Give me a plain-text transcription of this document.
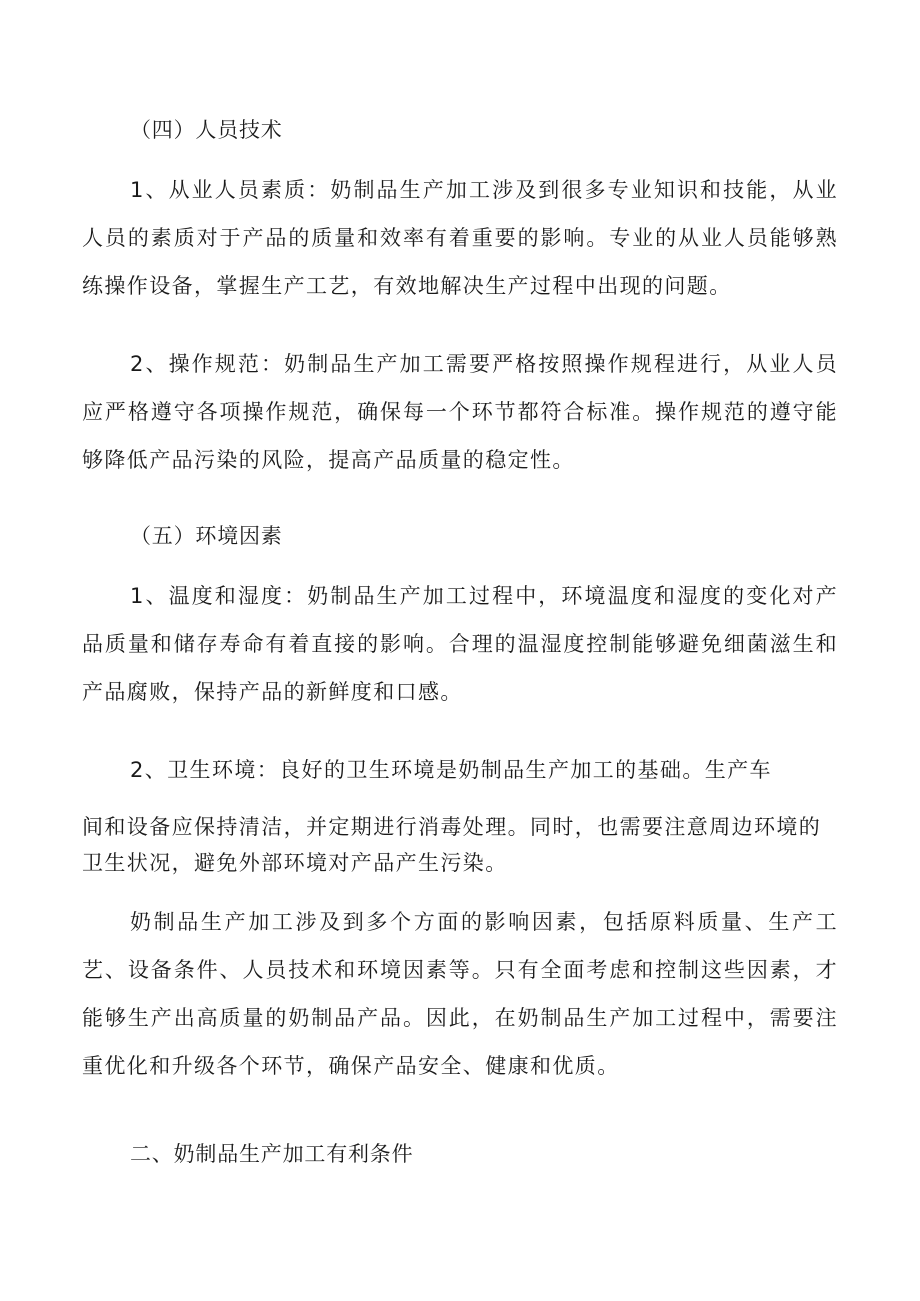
（四）人员技术

1、从业人员素质：奶制品生产加工涉及到很多专业知识和技能，从业人员的素质对于产品的质量和效率有着重要的影响。专业的从业人员能够熟练操作设备，掌握生产工艺，有效地解决生产过程中出现的问题。

2、操作规范：奶制品生产加工需要严格按照操作规程进行，从业人员应严格遵守各项操作规范，确保每一个环节都符合标准。操作规范的遵守能够降低产品污染的风险，提高产品质量的稳定性。

（五）环境因素

1、温度和湿度：奶制品生产加工过程中，环境温度和湿度的变化对产品质量和储存寿命有着直接的影响。合理的温湿度控制能够避免细菌滋生和产品腐败，保持产品的新鲜度和口感。

2、卫生环境：良好的卫生环境是奶制品生产加工的基础。生产车
间和设备应保持清洁，并定期进行消毒处理。同时，也需要注意周边环境的
卫生状况，避免外部环境对产品产生污染。

奶制品生产加工涉及到多个方面的影响因素，包括原料质量、生产工艺、设备条件、人员技术和环境因素等。只有全面考虑和控制这些因素，才能够生产出高质量的奶制品产品。因此，在奶制品生产加工过程中，需要注重优化和升级各个环节，确保产品安全、健康和优质。

二、奶制品生产加工有利条件
